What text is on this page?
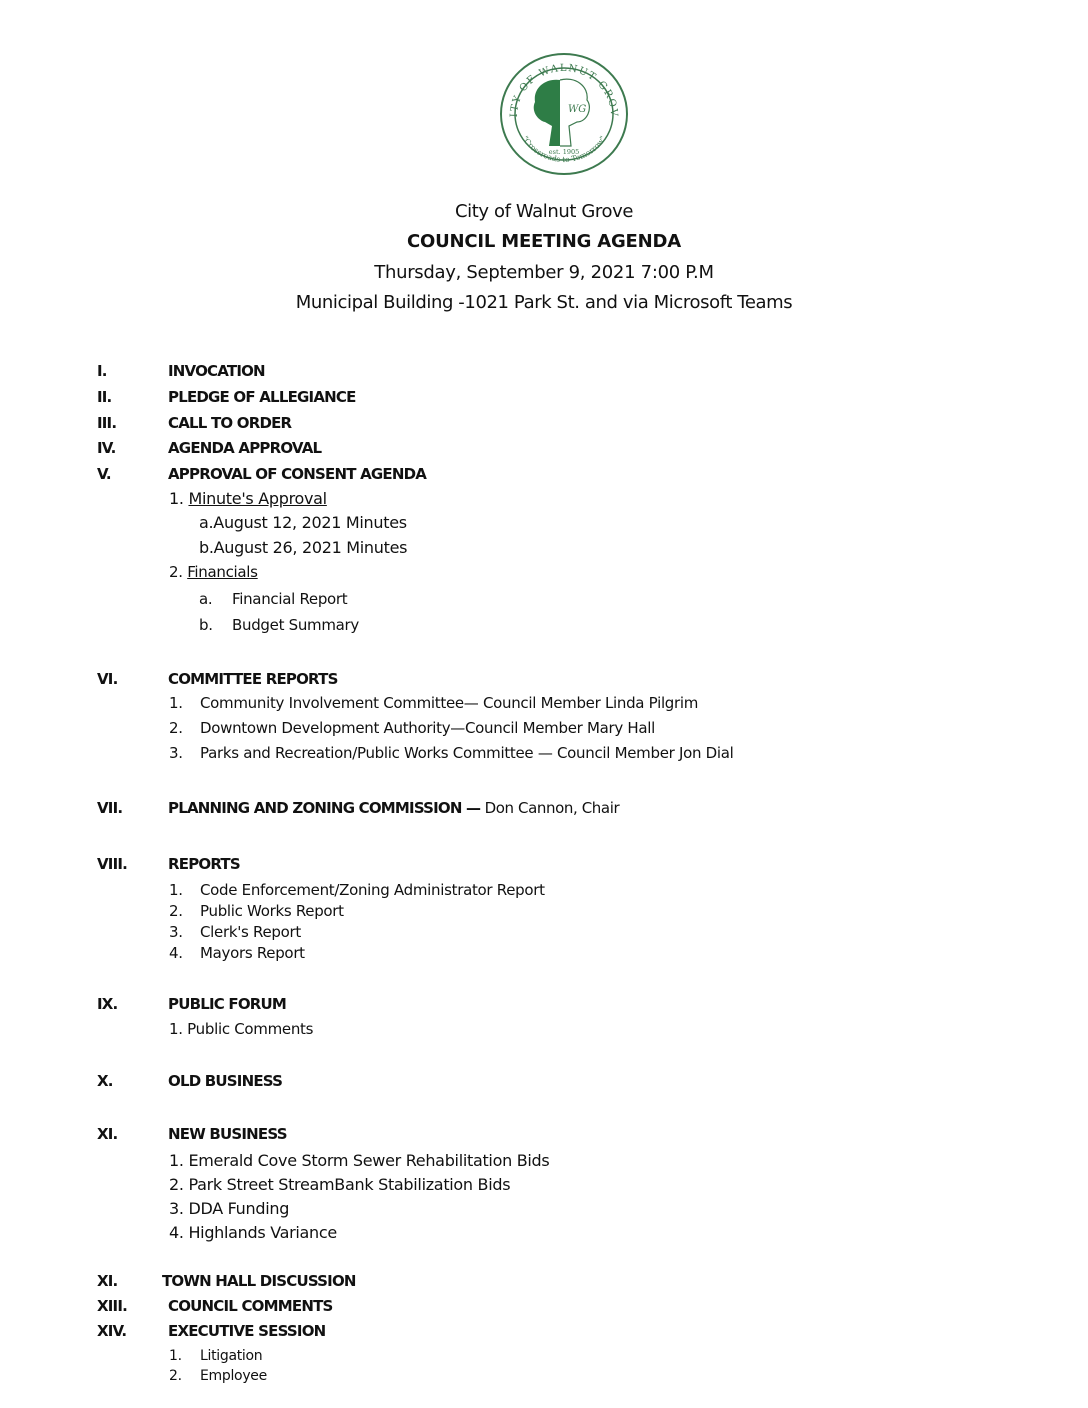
ITY OF WALNUT GROV
"Crossroads to Tomorrow"
WG
est. 1905
City of Walnut Grove
COUNCIL MEETING AGENDA
Thursday, September 9, 2021 7:00 P.M
Municipal Building -1021 Park St. and via Microsoft Teams
I.	INVOCATION
II.	PLEDGE OF ALLEGIANCE
III.	CALL TO ORDER
IV.	AGENDA APPROVAL
V.	APPROVAL OF CONSENT AGENDA
1. Minute's Approval
a.August 12, 2021 Minutes
b.August 26, 2021 Minutes
2. Financials
a. Financial Report
b. Budget Summary
VI.	COMMITTEE REPORTS
1. Community Involvement Committee— Council Member Linda Pilgrim
2. Downtown Development Authority—Council Member Mary Hall
3. Parks and Recreation/Public Works Committee — Council Member Jon Dial
VII.	PLANNING AND ZONING COMMISSION — Don Cannon, Chair
VIII.	REPORTS
1. Code Enforcement/Zoning Administrator Report
2. Public Works Report
3. Clerk's Report
4. Mayors Report
IX.	PUBLIC FORUM
1. Public Comments
X.	OLD BUSINESS
XI.	NEW BUSINESS
1. Emerald Cove Storm Sewer Rehabilitation Bids
2. Park Street StreamBank Stabilization Bids
3. DDA Funding
4. Highlands Variance
XI.	TOWN HALL DISCUSSION
XIII.	COUNCIL COMMENTS
XIV.	EXECUTIVE SESSION
1. Litigation
2. Employee
